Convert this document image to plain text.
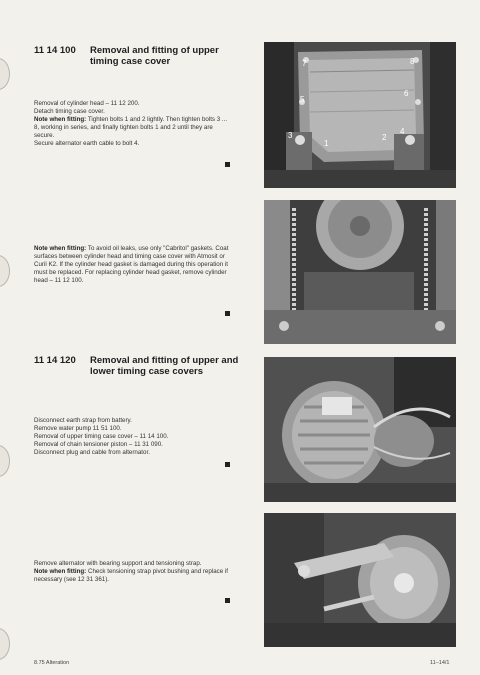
11 14 100 Removal and fitting of upper
timing case cover

Removal of cylinder head – 11 12 200.

Detach timing case cover.

Note when fitting: Tighten bolts 1 and 2 lightly. Then tighten bolts 3 ... 8, working in series, and finally tighten bolts 1 and 2 until they are secure.

Secure alternator earth cable to bolt 4.

7	8
5
6
3
1
2
4

Note when fitting: To avoid oil leaks, use only "Cabritol" gaskets. Coat surfaces between cylinder head and timing case cover with Atmosit or Curil K2. If the cylinder head gasket is damaged during this operation it must be replaced. For replacing cylinder head gasket, remove cylinder head – 11 12 100.

11 14 120 Removal and fitting of upper and
lower timing case covers

Disconnect earth strap from battery.

Remove water pump 11 51 100.

Removal of upper timing case cover – 11 14 100.

Removal of chain tensioner piston – 11 31 090.

Disconnect plug and cable from alternator.

Remove alternator with bearing support and tensioning strap.

Note when fitting: Check tensioning strap pivot bushing and replace if necessary (see 12 31 361).

8.75 Alteration	11–14/1
